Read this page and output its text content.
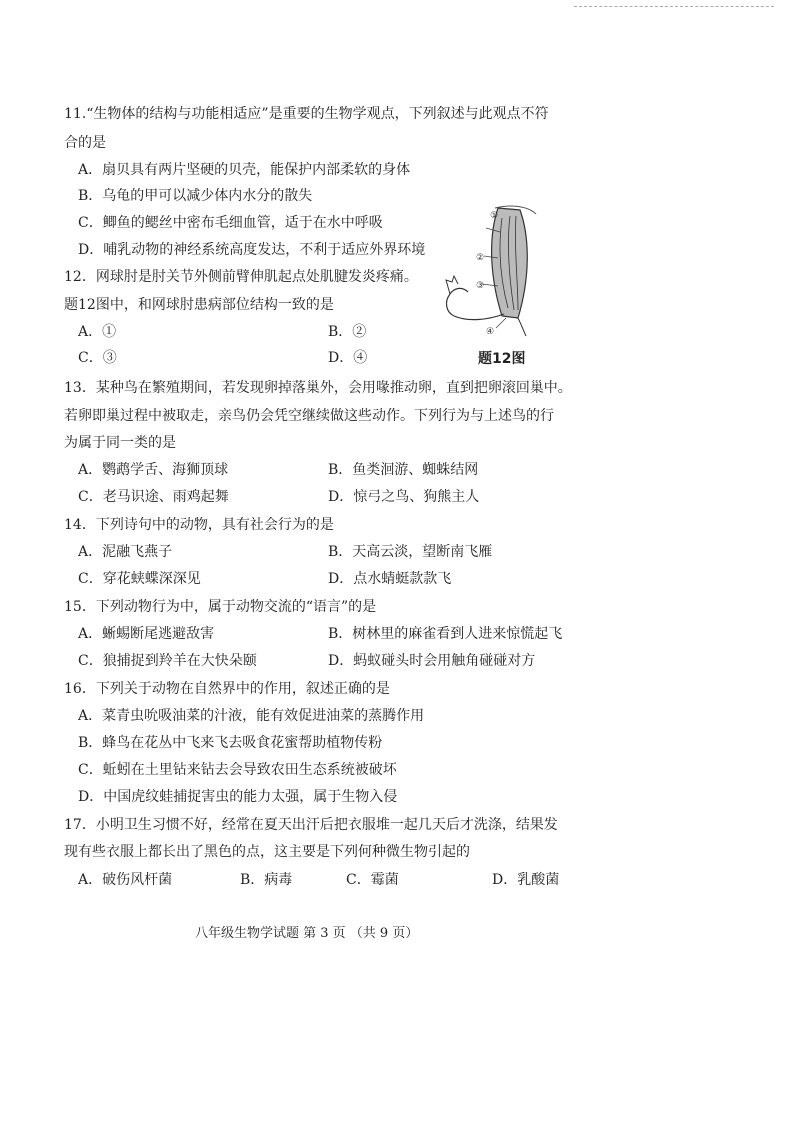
11.“生物体的结构与功能相适应”是重要的生物学观点，下列叙述与此观点不符
合的是
A．扇贝具有两片坚硬的贝壳，能保护内部柔软的身体
B．乌龟的甲可以减少体内水分的散失
C．鲫鱼的鳃丝中密布毛细血管，适于在水中呼吸
D．哺乳动物的神经系统高度发达，不利于适应外界环境
12．网球肘是肘关节外侧前臂伸肌起点处肌腱发炎疼痛。
题12图中，和网球肘患病部位结构一致的是
A．①	B．②
C．③	D．④
①
②
③
④
题12图
13．某种鸟在繁殖期间，若发现卵掉落巢外，会用喙推动卵，直到把卵滚回巢中。
若卵即巢过程中被取走，亲鸟仍会凭空继续做这些动作。下列行为与上述鸟的行
为属于同一类的是
A．鹦鹉学舌、海狮顶球	B．鱼类洄游、蜘蛛结网
C．老马识途、雨鸡起舞	D．惊弓之鸟、狗熊主人
14．下列诗句中的动物，具有社会行为的是
A．泥融飞燕子	B．天高云淡，望断南飞雁
C．穿花蛱蝶深深见	D．点水蜻蜓款款飞
15．下列动物行为中，属于动物交流的“语言”的是
A．蜥蜴断尾逃避敌害	B．树林里的麻雀看到人进来惊慌起飞
C．狼捕捉到羚羊在大快朵颐	D．蚂蚁碰头时会用触角碰碰对方
16．下列关于动物在自然界中的作用，叙述正确的是
A．菜青虫吮吸油菜的汁液，能有效促进油菜的蒸腾作用
B．蜂鸟在花丛中飞来飞去吸食花蜜帮助植物传粉
C．蚯蚓在土里钻来钻去会导致农田生态系统被破坏
D．中国虎纹蛙捕捉害虫的能力太强，属于生物入侵
17．小明卫生习惯不好，经常在夏天出汗后把衣服堆一起几天后才洗涤，结果发
现有些衣服上都长出了黑色的点，这主要是下列何种微生物引起的
A．破伤风杆菌	B．病毒	C．霉菌	D．乳酸菌
八年级生物学试题 第 3 页 （共 9 页）
